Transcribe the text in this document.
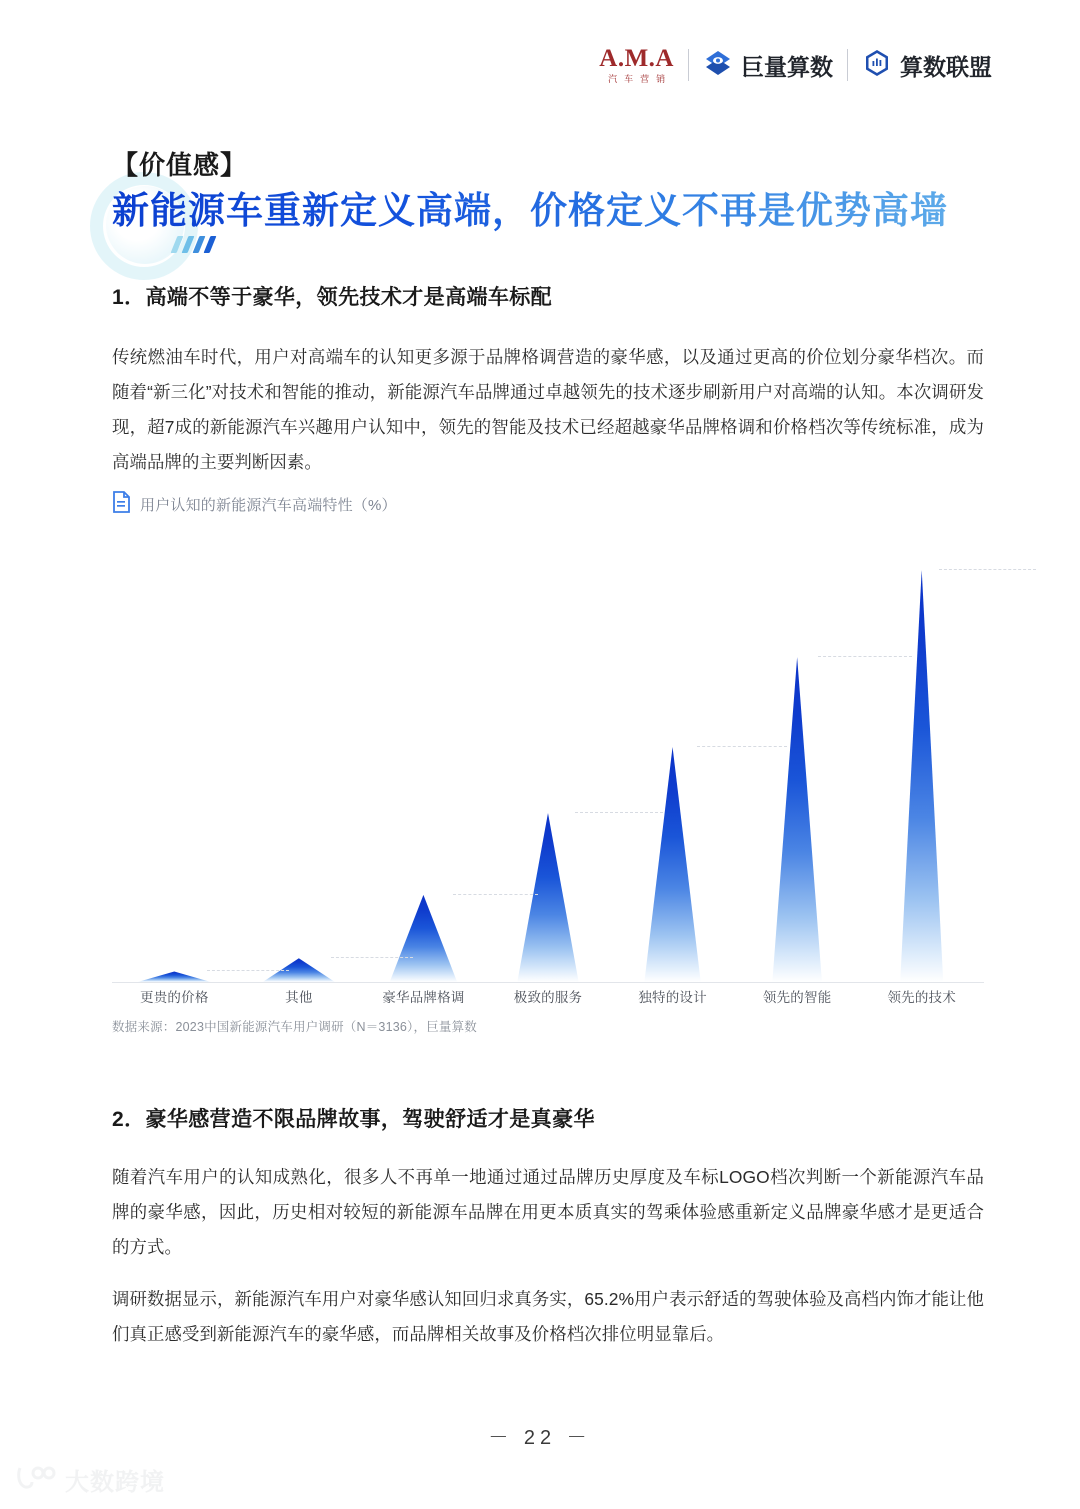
A.M.A
汽车营销	巨量算数	算数联盟
【价值感】
新能源车重新定义高端，价格定义不再是优势高墙
1．高端不等于豪华，领先技术才是高端车标配
传统燃油车时代，用户对高端车的认知更多源于品牌格调营造的豪华感，以及通过更高的价位划分豪华档次。而随着“新三化”对技术和智能的推动，新能源汽车品牌通过卓越领先的技术逐步刷新用户对高端的认知。本次调研发现，超7成的新能源汽车兴趣用户认知中，领先的智能及技术已经超越豪华品牌格调和价格档次等传统标准，成为高端品牌的主要判断因素。
用户认知的新能源汽车高端特性（%）
更贵的价格	其他	豪华品牌格调	极致的服务	独特的设计	领先的智能	领先的技术
数据来源：2023中国新能源汽车用户调研（N＝3136），巨量算数
2．豪华感营造不限品牌故事，驾驶舒适才是真豪华
随着汽车用户的认知成熟化，很多人不再单一地通过通过品牌历史厚度及车标LOGO档次判断一个新能源汽车品牌的豪华感，因此，历史相对较短的新能源车品牌在用更本质真实的驾乘体验感重新定义品牌豪华感才是更适合的方式。
调研数据显示，新能源汽车用户对豪华感认知回归求真务实，65.2%用户表示舒适的驾驶体验及高档内饰才能让他们真正感受到新能源汽车的豪华感，而品牌相关故事及价格档次排位明显靠后。
－ 22 －
大数跨境
